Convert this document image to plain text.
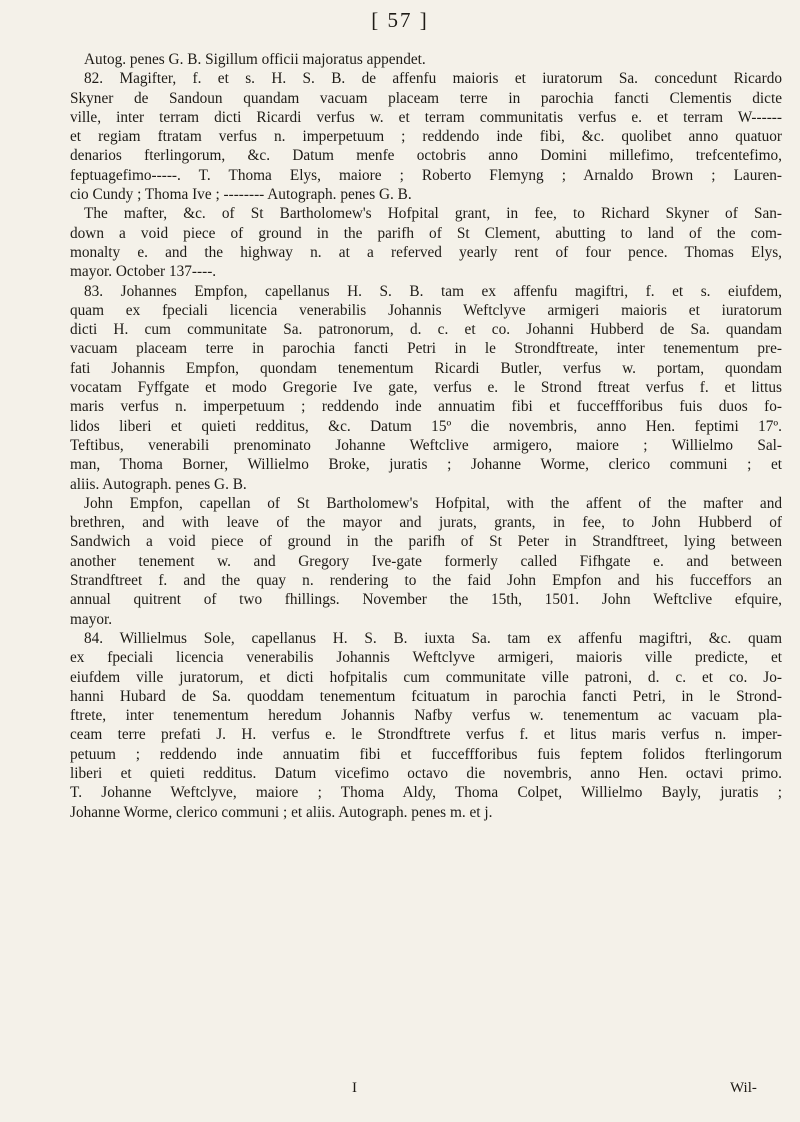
[ 57 ]
Autog. penes G. B. Sigillum officii majoratus appendet.
82. Magifter, f. et s. H. S. B. de affenfu maioris et iuratorum Sa. concedunt Ricardo
Skyner de Sandoun quandam vacuam placeam terre in parochia fancti Clementis dicte
ville, inter terram dicti Ricardi verfus w. et terram communitatis verfus e. et terram W------
et regiam ftratam verfus n. imperpetuum ; reddendo inde fibi, &c. quolibet anno quatuor
denarios fterlingorum, &c. Datum menfe octobris anno Domini millefimo, trefcentefimo,
feptuagefimo-----. T. Thoma Elys, maiore ; Roberto Flemyng ; Arnaldo Brown ; Lauren-
cio Cundy ; Thoma Ive ; -------- Autograph. penes G. B.
The mafter, &c. of St Bartholomew's Hofpital grant, in fee, to Richard Skyner of San-
down a void piece of ground in the parifh of St Clement, abutting to land of the com-
monalty e. and the highway n. at a referved yearly rent of four pence. Thomas Elys,
mayor. October 137----.
83. Johannes Empfon, capellanus H. S. B. tam ex affenfu magiftri, f. et s. eiufdem,
quam ex fpeciali licencia venerabilis Johannis Weftclyve armigeri maioris et iuratorum
dicti H. cum communitate Sa. patronorum, d. c. et co. Johanni Hubberd de Sa. quandam
vacuam placeam terre in parochia fancti Petri in le Strondftreate, inter tenementum pre-
fati Johannis Empfon, quondam tenementum Ricardi Butler, verfus w. portam, quondam
vocatam Fyffgate et modo Gregorie Ive gate, verfus e. le Strond ftreat verfus f. et littus
maris verfus n. imperpetuum ; reddendo inde annuatim fibi et fucceffforibus fuis duos fo-
lidos liberi et quieti redditus, &c. Datum 15º die novembris, anno Hen. feptimi 17º.
Teftibus, venerabili prenominato Johanne Weftclive armigero, maiore ; Willielmo Sal-
man, Thoma Borner, Willielmo Broke, juratis ; Johanne Worme, clerico communi ; et
aliis. Autograph. penes G. B.
John Empfon, capellan of St Bartholomew's Hofpital, with the affent of the mafter and
brethren, and with leave of the mayor and jurats, grants, in fee, to John Hubberd of
Sandwich a void piece of ground in the parifh of St Peter in Strandftreet, lying between
another tenement w. and Gregory Ive-gate formerly called Fifhgate e. and between
Strandftreet f. and the quay n. rendering to the faid John Empfon and his fucceffors an
annual quitrent of two fhillings. November the 15th, 1501. John Weftclive efquire,
mayor.
84. Willielmus Sole, capellanus H. S. B. iuxta Sa. tam ex affenfu magiftri, &c. quam
ex fpeciali licencia venerabilis Johannis Weftclyve armigeri, maioris ville predicte, et
eiufdem ville juratorum, et dicti hofpitalis cum communitate ville patroni, d. c. et co. Jo-
hanni Hubard de Sa. quoddam tenementum fcituatum in parochia fancti Petri, in le Strond-
ftrete, inter tenementum heredum Johannis Nafby verfus w. tenementum ac vacuam pla-
ceam terre prefati J. H. verfus e. le Strondftrete verfus f. et litus maris verfus n. imper-
petuum ; reddendo inde annuatim fibi et fucceffforibus fuis feptem folidos fterlingorum
liberi et quieti redditus. Datum vicefimo octavo die novembris, anno Hen. octavi primo.
T. Johanne Weftclyve, maiore ; Thoma Aldy, Thoma Colpet, Willielmo Bayly, juratis ;
Johanne Worme, clerico communi ; et aliis. Autograph. penes m. et j.
I	Wil-
